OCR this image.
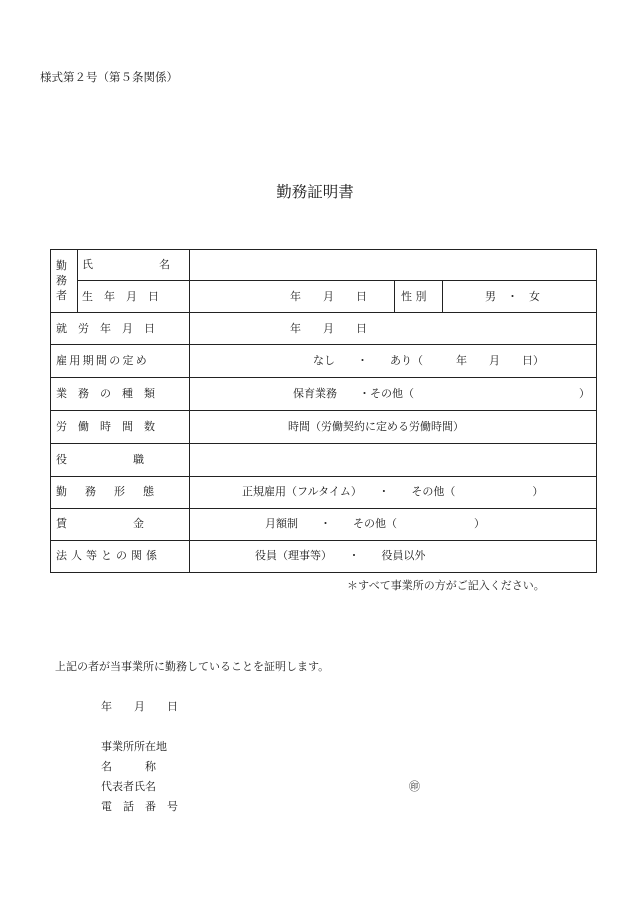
様式第２号（第５条関係）
勤務証明書
勤
務
者
氏　　　　　　名
生　年　月　日	年　　月　　日	性 別	男　・　女
就　労　年　月　日	年　　月　　日
雇用期間の定め	なし　　・　　あり（　　　年　　月　　日）
業　務　の　種　類	保育業務　　・その他（　　　　　　　　　　　　　　　）
労　働　時　間　数	時間（労働契約に定める労働時間）
役　　　　　　職
勤　務　形　態	正規雇用（フルタイム）　　・　　その他（　　　　　　　）
賃　　　　　　金	月額制　　・　　その他（　　　　　　　）
法人等との関係	役員（理事等）　　・　　役員以外
＊すべて事業所の方がご記入ください。
上記の者が当事業所に勤務していることを証明します。
年　　月　　日
事業所所在地
名　　　称
代表者氏名	㊞
電　話　番　号
